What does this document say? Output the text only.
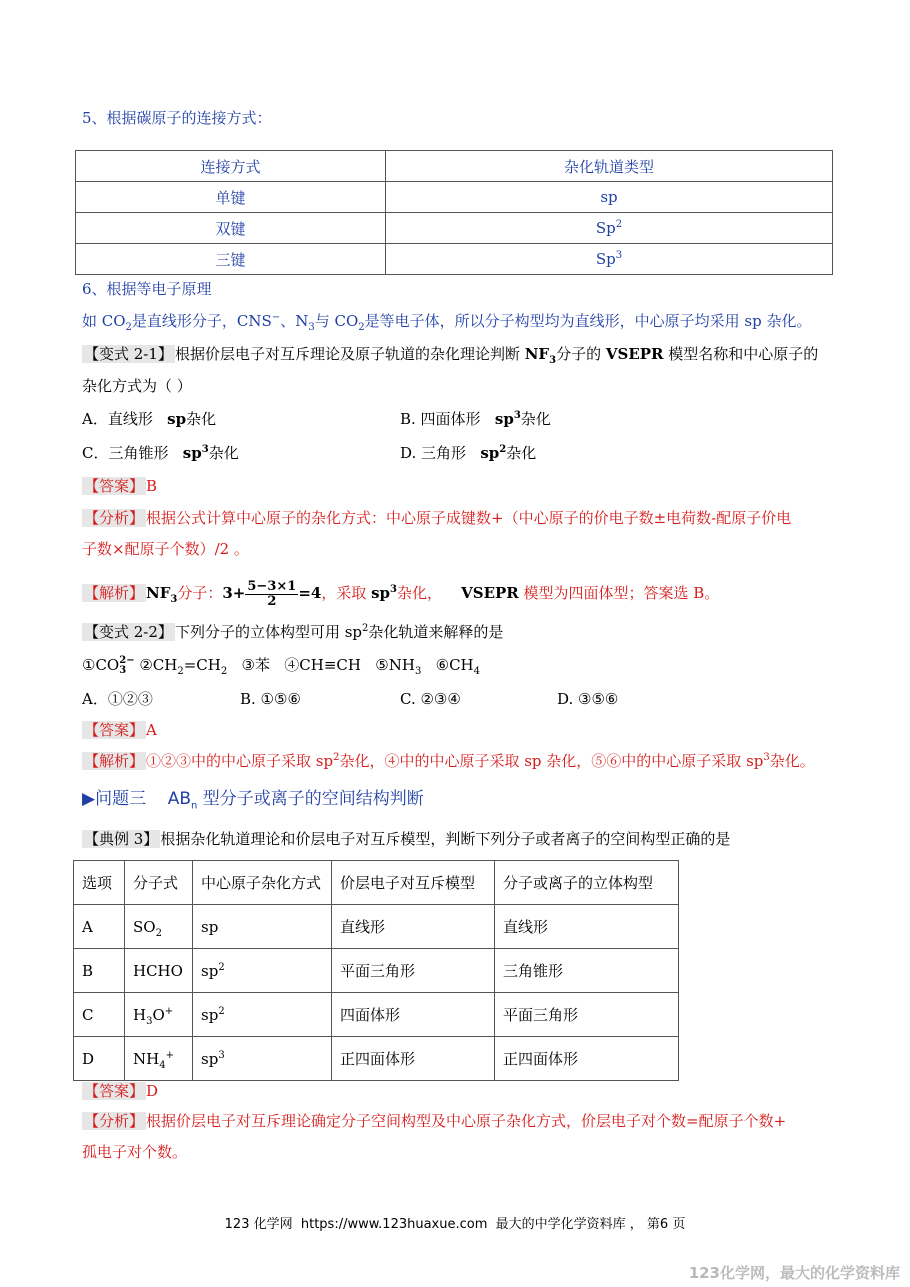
5、根据碳原子的连接方式：
连接方式	杂化轨道类型
单键	sp
双键	Sp$^2$
三键	Sp$^3$
6、根据等电子原理
如 $CO_2$是直线形分子，CNS−、$N_3$与 $CO_2$是等电子体，所以分子构型均为直线形，中心原子均采用 sp 杂化。
【变式 2-1】 根据价层电子对互斥理论及原子轨道的杂化理论判断 $NF_3$分子的 VSEPR 模型名称和中心原子的
杂化方式为（ ）
A．直线形 sp杂化	B. 四面体形 $sp^3$杂化
C．三角锥形 $sp^3$杂化	D. 三角形 $sp^2$杂化
【答案】 B
【分析】 根据公式计算中心原子的杂化方式：中心原子成键数+（中心原子的价电子数±电荷数-配原子价电
子数×配原子个数）/2 。
【解析】 $NF_3$分子：$3+ \frac{5-3\times 1}{2} =4$，采取 $sp^3$杂化， VSEPR 模型为四面体型；答案选 B。
【变式 2-2】 下列分子的立体构型可用 $sp^2$杂化轨道来解释的是
①CO 2−
3 $②CH_2=CH_2$   ③苯   ④CH≡CH   $⑤NH_3$   $⑥CH_4$
A．①②③	B. ①⑤⑥	C. ②③④	D. ③⑤⑥
【答案】 A
【解析】 ①②③中的中心原子采取 $sp^2$杂化，④中的中心原子采取 sp 杂化，⑤⑥中的中心原子采取 $sp^3$杂化。
▶问题三 $AB_n$ 型分子或离子的空间结构判断
【典例 3】 根据杂化轨道理论和价层电子对互斥模型，判断下列分子或者离子的空间构型正确的是
选项	分子式	中心原子杂化方式	价层电子对互斥模型	分子或离子的立体构型
A	$SO_2$	sp	直线形	直线形
B	HCHO	$sp^2$	平面三角形	三角锥形
C	$H_3O^+$	$sp^2$	四面体形	平面三角形
D	$NH_4^+$	$sp^3$	正四面体形	正四面体形
【答案】 D
【分析】 根据价层电子对互斥理论确定分子空间构型及中心原子杂化方式，价层电子对个数=配原子个数+
孤电子对个数。
123 化学网  https://www.123huaxue.com  最大的中学化学资料库 ， 第6 页
123化学网，最大的化学资料库
